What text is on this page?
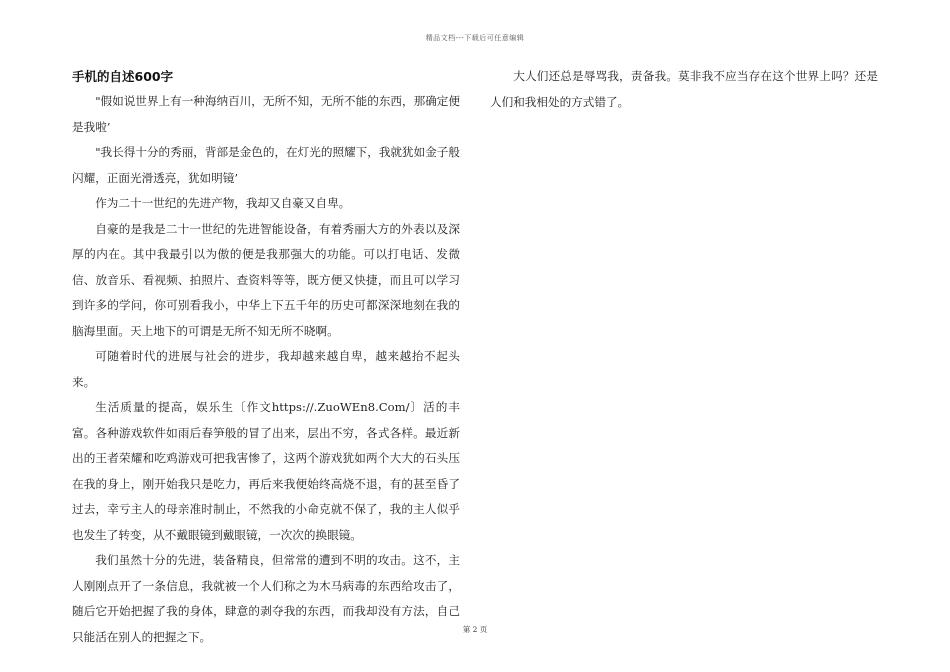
精品文档---下载后可任意编辑
手机的自述600字

"假如说世界上有一种海纳百川，无所不知，无所不能的东西，那确定便是我啦’

"我长得十分的秀丽，背部是金色的，在灯光的照耀下，我就犹如金子般闪耀，正面光滑透亮，犹如明镜’

作为二十一世纪的先进产物，我却又自豪又自卑。

自豪的是我是二十一世纪的先进智能设备，有着秀丽大方的外表以及深厚的内在。其中我最引以为傲的便是我那强大的功能。可以打电话、发微信、放音乐、看视频、拍照片、查资料等等，既方便又快捷，而且可以学习到许多的学问，你可别看我小，中华上下五千年的历史可都深深地刻在我的脑海里面。天上地下的可谓是无所不知无所不晓啊。

可随着时代的进展与社会的进步，我却越来越自卑，越来越抬不起头来。

生活质量的提高，娱乐生〔作文https://.ZuoWEn8.Com/〕活的丰富。各种游戏软件如雨后春笋般的冒了出来，层出不穷，各式各样。最近新出的王者荣耀和吃鸡游戏可把我害惨了，这两个游戏犹如两个大大的石头压在我的身上，刚开始我只是吃力，再后来我便始终高烧不退，有的甚至昏了过去，幸亏主人的母亲准时制止，不然我的小命克就不保了，我的主人似乎也发生了转变，从不戴眼镜到戴眼镜，一次次的换眼镜。

我们虽然十分的先进，装备精良，但常常的遭到不明的攻击。这不，主人刚刚点开了一条信息，我就被一个人们称之为木马病毒的东西给攻击了，随后它开始把握了我的身体，肆意的剥夺我的东西，而我却没有方法，自己只能活在别人的把握之下。

大人们还总是辱骂我，责备我。莫非我不应当存在这个世界上吗？还是人们和我相处的方式错了。

第 2 页
